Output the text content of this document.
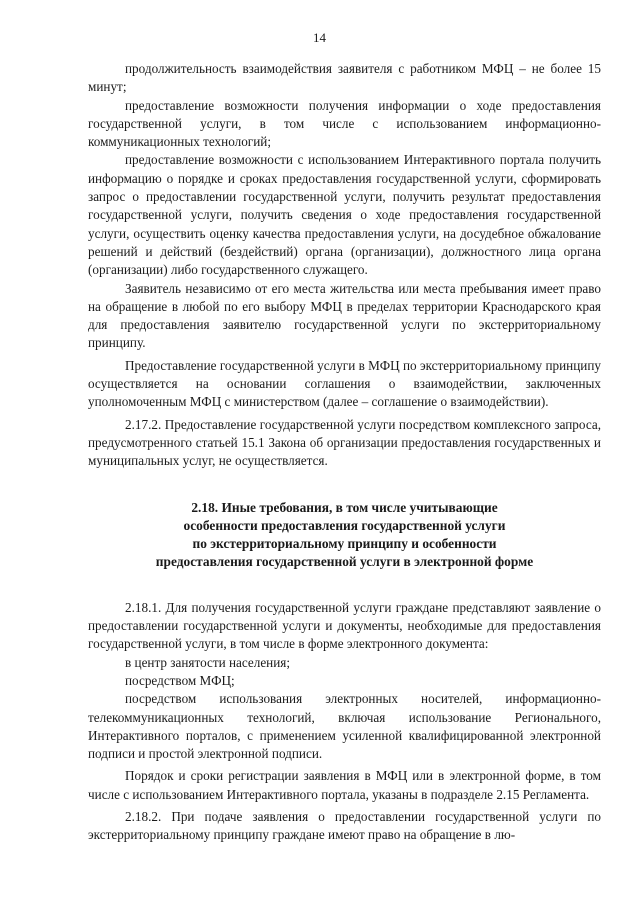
14

продолжительность взаимодействия заявителя с работником МФЦ – не более 15 минут;

предоставление возможности получения информации о ходе предоставления государственной услуги, в том числе с использованием информационно-коммуникационных технологий;

предоставление возможности с использованием Интерактивного портала получить информацию о порядке и сроках предоставления государственной услуги, сформировать запрос о предоставлении государственной услуги, получить результат предоставления государственной услуги, получить сведения о ходе предоставления государственной услуги, осуществить оценку качества предоставления услуги, на досудебное обжалование решений и действий (бездействий) органа (организации), должностного лица органа (организации) либо государственного служащего.

Заявитель независимо от его места жительства или места пребывания имеет право на обращение в любой по его выбору МФЦ в пределах территории Краснодарского края для предоставления заявителю государственной услуги по экстерриториальному принципу.

Предоставление государственной услуги в МФЦ по экстерриториальному принципу осуществляется на основании соглашения о взаимодействии, заключенных уполномоченным МФЦ с министерством (далее – соглашение о взаимодействии).

2.17.2. Предоставление государственной услуги посредством комплексного запроса, предусмотренного статьей 15.1 Закона об организации предоставления государственных и муниципальных услуг, не осуществляется.

2.18. Иные требования, в том числе учитывающие
особенности предоставления государственной услуги
по экстерриториальному принципу и особенности
предоставления государственной услуги в электронной форме

2.18.1. Для получения государственной услуги граждане представляют заявление о предоставлении государственной услуги и документы, необходимые для предоставления государственной услуги, в том числе в форме электронного документа:

в центр занятости населения;

посредством МФЦ;

посредством использования электронных носителей, информационно-телекоммуникационных технологий, включая использование Регионального, Интерактивного порталов, с применением усиленной квалифицированной электронной подписи и простой электронной подписи.

Порядок и сроки регистрации заявления в МФЦ или в электронной форме, в том числе с использованием Интерактивного портала, указаны в подразделе 2.15 Регламента.

2.18.2. При подаче заявления о предоставлении государственной услуги по экстерриториальному принципу граждане имеют право на обращение в лю-
